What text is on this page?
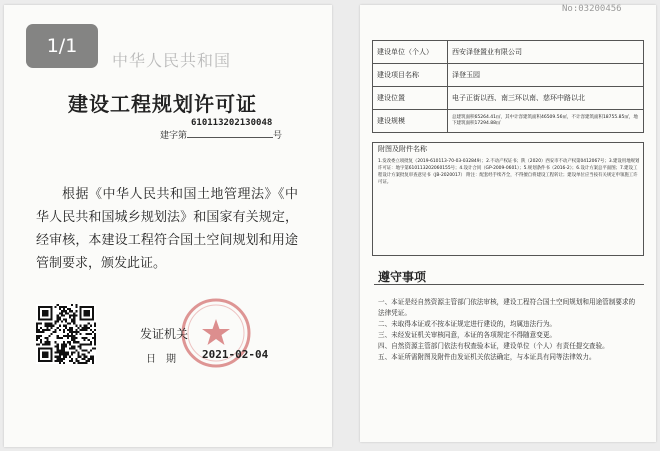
中华人民共和国
建设工程规划许可证
610113202130048
建字第	号

根据《中华人民共和国土地管理法》《中华人民共和国城乡规划法》和国家有关规定，经审核，本建设工程符合国土空间规划和用途管制要求，颁发此证。

发证机关
日　期 2021-02-04
1/1
No:03200456
建设单位（个人）	西安泽登置业有限公司
建设项目名称	泽登玉园
建设位置	电子正街以西、南三环以南、慈环中路以北
建设规模	总建筑面积65264.41㎡，其中计容建筑面积46509.56㎡，不计容建筑面积18755.85㎡，地下建筑面积17294.88㎡
附图及附件名称
1.发改委立项批复（2019-610113-70-03-032849）；2.不动产权证书；陕（2020）西安市不动产权第0412067号；3.建设用地规划许可证：地字第610113202060155号；4.设计合同（GP-2009-0601）；5.规划条件书（2016-2）；6.设计方案总平面图；7.建设工程设计方案批复审查意见书（JB-2020017） 附注：配套经手续齐全，不得擅自将建设工程转让；建设单位应当按有关规定申领施工许可证。
遵守事项

一、本证是经自然资源主管部门依法审核，建设工程符合国土空间规划和用途管制要求的法律凭证。

二、未取得本证或不按本证规定进行建设的，均属违法行为。

三、未经发证机关审核同意，本证的各项规定不得随意变更。

四、自然资源主管部门依法有权查验本证，建设单位（个人）有责任提交查验。

五、本证所需附图及附件由发证机关依法确定，与本证具有同等法律效力。
